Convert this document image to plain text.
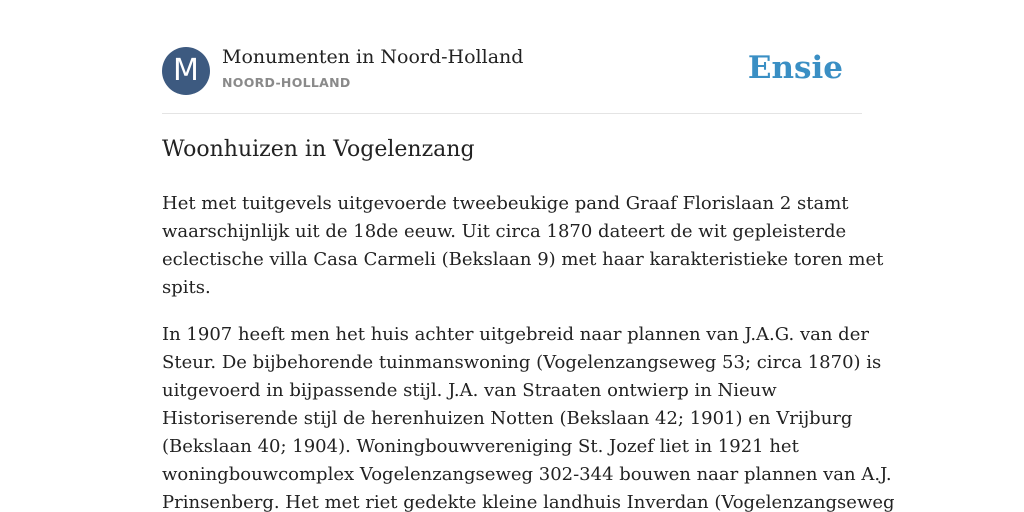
M	Monumenten in Noord-Holland
NOORD-HOLLAND	Ensie
Woonhuizen in Vogelenzang

Het met tuitgevels uitgevoerde tweebeukige pand Graaf Florislaan 2 stamt
waarschijnlijk uit de 18de eeuw. Uit circa 1870 dateert de wit gepleisterde
eclectische villa Casa Carmeli (Bekslaan 9) met haar karakteristieke toren met
spits.

In 1907 heeft men het huis achter uitgebreid naar plannen van J.A.G. van der
Steur. De bijbehorende tuinmanswoning (Vogelenzangseweg 53; circa 1870) is
uitgevoerd in bijpassende stijl. J.A. van Straaten ontwierp in Nieuw
Historiserende stijl de herenhuizen Notten (Bekslaan 42; 1901) en Vrijburg
(Bekslaan 40; 1904). Woningbouwvereniging St. Jozef liet in 1921 het
woningbouwcomplex Vogelenzangseweg 302-344 bouwen naar plannen van A.J.
Prinsenberg. Het met riet gedekte kleine landhuis Inverdan (Vogelenzangseweg
